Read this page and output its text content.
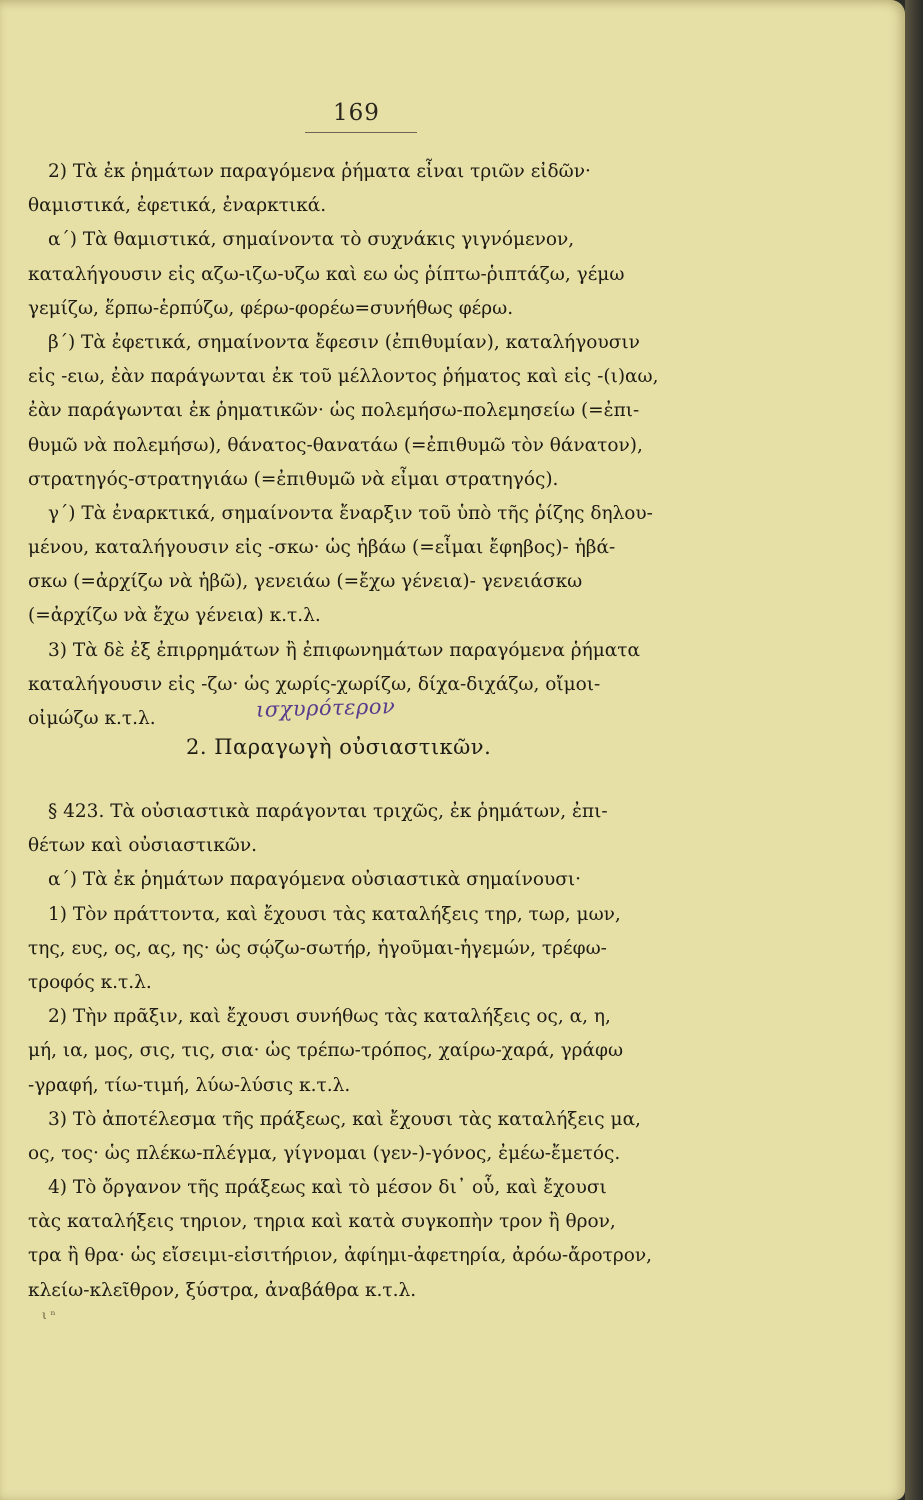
169
2) Τὰ ἐκ ῥημάτων παραγόμενα ῥήματα εἶναι τριῶν εἰδῶν·
θαμιστικά, ἐφετικά, ἐναρκτικά.
α΄) Τὰ θαμιστικά, σημαίνοντα τὸ συχνάκις γιγνόμενον,
καταλήγουσιν εἰς αζω-ιζω-υζω καὶ εω ὡς ῥίπτω-ῥιπτάζω, γέμω
γεμίζω, ἕρπω-ἑρπύζω, φέρω-φορέω=συνήθως φέρω.
β΄) Τὰ ἐφετικά, σημαίνοντα ἔφεσιν (ἐπιθυμίαν), καταλήγουσιν
εἰς -ειω, ἐὰν παράγωνται ἐκ τοῦ μέλλοντος ῥήματος καὶ εἰς -(ι)αω,
ἐὰν παράγωνται ἐκ ῥηματικῶν· ὡς πολεμήσω-πολεμησείω (=ἐπι-
θυμῶ νὰ πολεμήσω), θάνατος-θανατάω (=ἐπιθυμῶ τὸν θάνατον),
στρατηγός-στρατηγιάω (=ἐπιθυμῶ νὰ εἶμαι στρατηγός).
γ΄) Τὰ ἐναρκτικά, σημαίνοντα ἔναρξιν τοῦ ὑπὸ τῆς ῥίζης δηλου-
μένου, καταλήγουσιν εἰς -σκω· ὡς ἡβάω (=εἶμαι ἔφηβος)- ἡβά-
σκω (=ἀρχίζω νὰ ἡβῶ), γενειάω (=ἔχω γένεια)- γενειάσκω
(=ἀρχίζω νὰ ἔχω γένεια) κ.τ.λ.
3) Τὰ δὲ ἐξ ἐπιρρημάτων ἢ ἐπιφωνημάτων παραγόμενα ῥήματα
καταλήγουσιν εἰς -ζω· ὡς χωρίς-χωρίζω, δίχα-διχάζω, οἴμοι-
οἰμώζω κ.τ.λ.	ισχυρότερον
2. Παραγωγὴ οὐσιαστικῶν.
§ 423. Τὰ οὐσιαστικὰ παράγονται τριχῶς, ἐκ ῥημάτων, ἐπι-
θέτων καὶ οὐσιαστικῶν.
α΄) Τὰ ἐκ ῥημάτων παραγόμενα οὐσιαστικὰ σημαίνουσι·
1) Τὸν πράττοντα, καὶ ἔχουσι τὰς καταλήξεις τηρ, τωρ, μων,
της, ευς, ος, ας, ης· ὡς σῴζω-σωτήρ, ἡγοῦμαι-ἡγεμών, τρέφω-
τροφός κ.τ.λ.
2) Τὴν πρᾶξιν, καὶ ἔχουσι συνήθως τὰς καταλήξεις ος, α, η,
μή, ια, μος, σις, τις, σια· ὡς τρέπω-τρόπος, χαίρω-χαρά, γράφω
-γραφή, τίω-τιμή, λύω-λύσις κ.τ.λ.
3) Τὸ ἀποτέλεσμα τῆς πράξεως, καὶ ἔχουσι τὰς καταλήξεις μα,
ος, τος· ὡς πλέκω-πλέγμα, γίγνομαι (γεν-)-γόνος, ἐμέω-ἔμετός.
4) Τὸ ὄργανον τῆς πράξεως καὶ τὸ μέσον δι᾽ οὗ, καὶ ἔχουσι
τὰς καταλήξεις τηριον, τηρια καὶ κατὰ συγκοπὴν τρον ἢ θρον,
τρα ἢ θρα· ὡς εἴσειμι-εἰσιτήριον, ἀφίημι-ἀφετηρία, ἀρόω-ἄροτρον,
κλείω-κλεῖθρον, ξύστρα, ἀναβάθρα κ.τ.λ.
ι ⁿ
